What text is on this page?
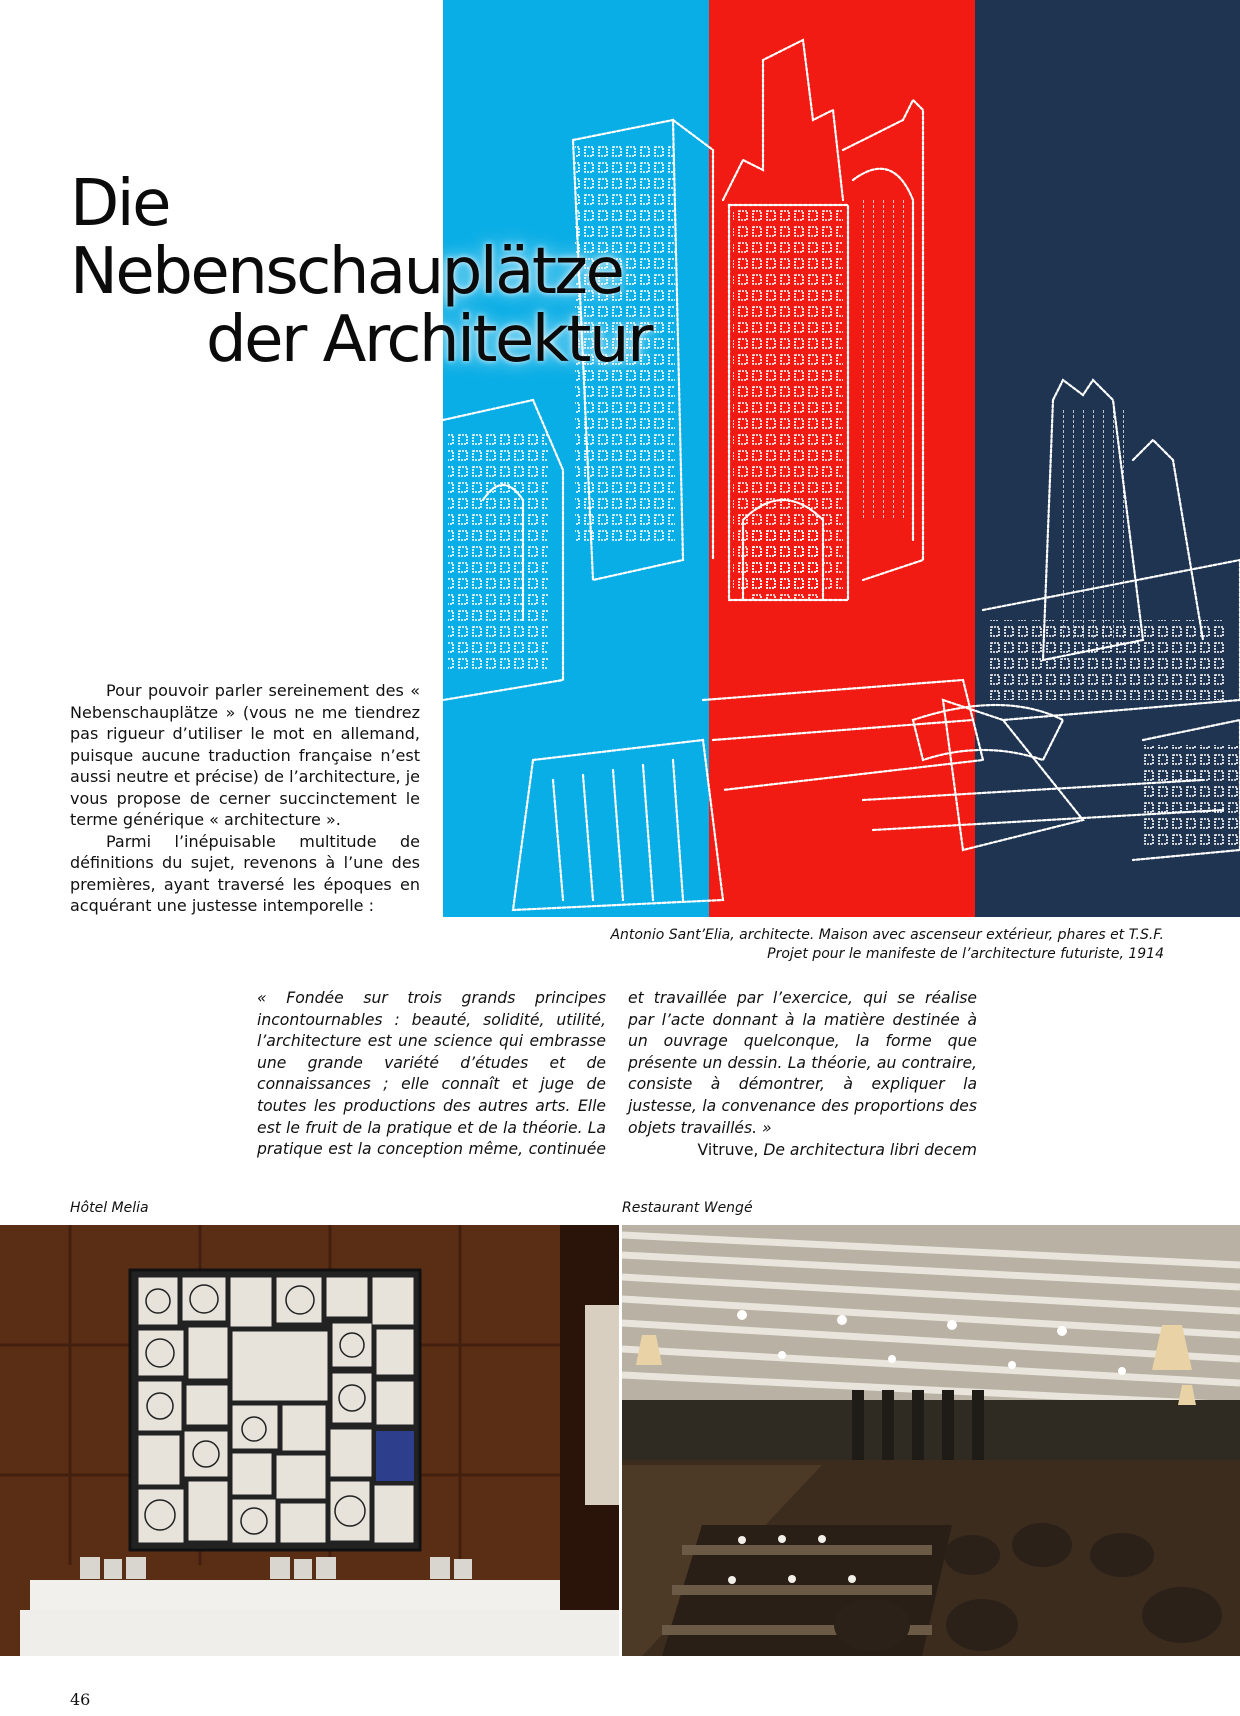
Die
Nebenschauplätze
der Architektur

Pour pouvoir parler sereinement des « Nebenschauplätze » (vous ne me tiendrez pas rigueur d’utiliser le mot en allemand, puisque aucune traduction française n’est aussi neutre et précise) de l’architecture, je vous propose de cerner succinctement le terme générique « architecture ».

Parmi l’inépuisable multitude de définitions du sujet, revenons à l’une des premières, ayant traversé les époques en acquérant une justesse intemporelle :

Antonio Sant’Elia, architecte. Maison avec ascenseur extérieur, phares et T.S.F.
Projet pour le manifeste de l’architecture futuriste, 1914

« Fondée sur trois grands principes incontournables : beauté, solidité, utilité, l’architecture est une science qui embrasse une grande variété d’études et de connaissances ; elle connaît et juge de toutes les productions des autres arts. Elle est le fruit de la pratique et de la théorie. La pratique est la conception même, continuée et travaillée par l’exercice, qui se réalise par l’acte donnant à la matière destinée à un ouvrage quelconque, la forme que présente un dessin. La théorie, au contraire, consiste à démontrer, à expliquer la justesse, la convenance des proportions des objets travaillés. »

Vitruve, De architectura libri decem
Hôtel Melia	Restaurant Wengé
46
